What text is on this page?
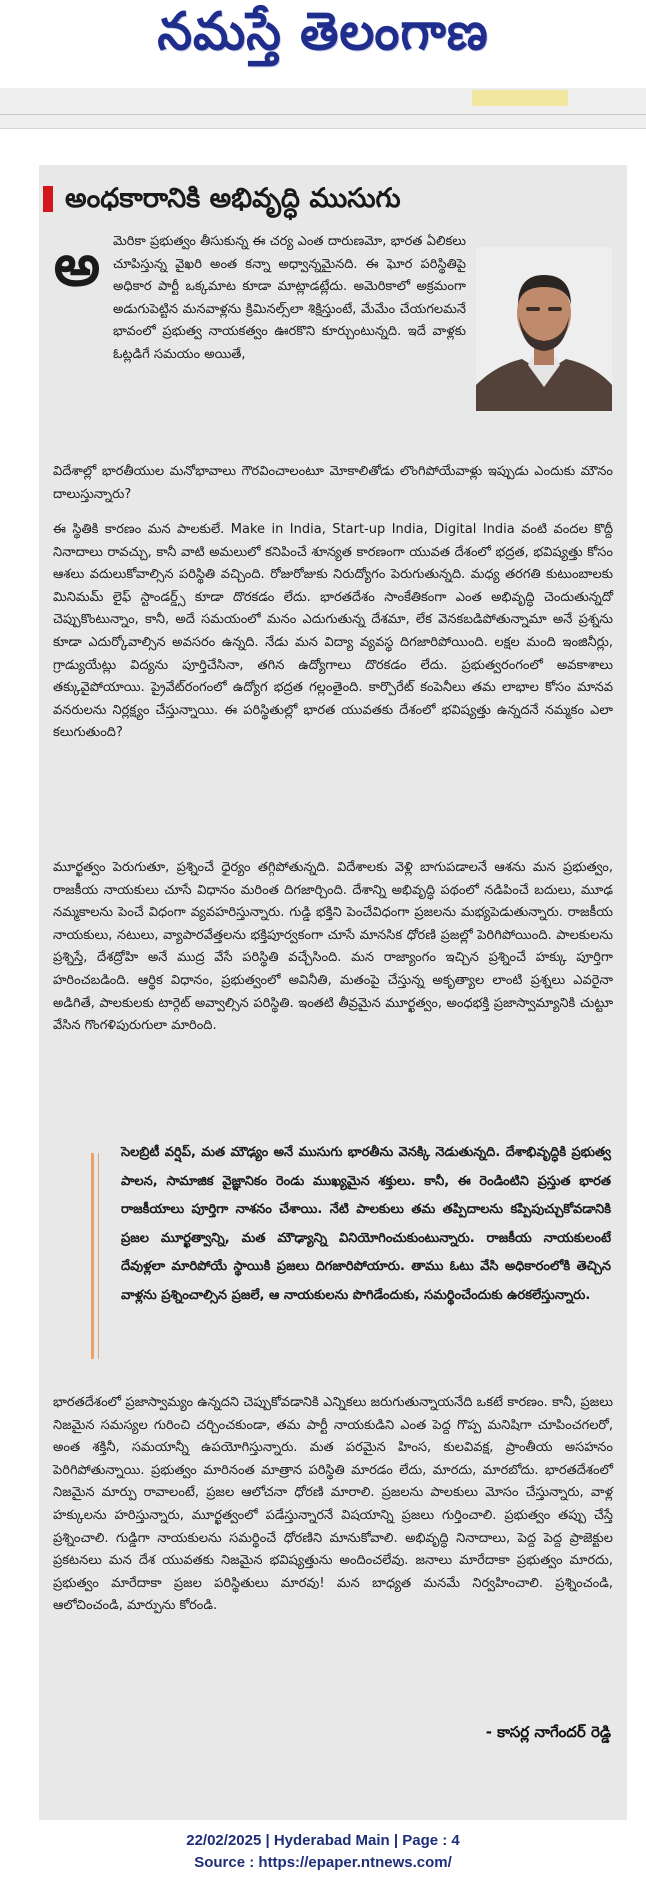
నమస్తే తెలంగాణ
అంధకారానికి అభివృద్ధి ముసుగు
అ మెరికా ప్రభుత్వం తీసుకున్న ఈ చర్య ఎంత దారుణమో, భారత ఏలికలు చూపిస్తున్న వైఖరి అంత కన్నా అధ్వాన్నమైనది. ఈ ఘోర పరిస్థితిపై అధికార పార్టీ ఒక్కమాట కూడా మాట్లాడట్లేదు. అమెరికాలో అక్రమంగా అడుగుపెట్టిన మనవాళ్లను క్రిమినల్స్‌లా శిక్షిస్తుంటే, మేమేం చేయగలమనే భావంలో ప్రభుత్వ నాయకత్వం ఊరకొని కూర్చుంటున్నది. ఇదే వాళ్లకు ఓట్లడిగే సమయం అయితే,
విదేశాల్లో భారతీయుల మనోభావాలు గౌరవించాలంటూ మోకాలితోడు లొంగిపోయేవాళ్లు ఇప్పుడు ఎందుకు మౌనం దాలుస్తున్నారు?
ఈ స్థితికి కారణం మన పాలకులే. Make in India, Start-up India, Digital India వంటి వందల కొద్దీ నినాదాలు రావచ్చు, కానీ వాటి అమలులో కనిపించే శూన్యత కారణంగా యువత దేశంలో భద్రత, భవిష్యత్తు కోసం ఆశలు వదులుకోవాల్సిన పరిస్థితి వచ్చింది. రోజురోజుకు నిరుద్యోగం పెరుగుతున్నది. మధ్య తరగతి కుటుంబాలకు మినిమమ్ లైఫ్ స్టాండర్డ్స్ కూడా దొరకడం లేదు. భారతదేశం సాంకేతికంగా ఎంత అభివృద్ధి చెందుతున్నదో చెప్పుకొంటున్నాం, కానీ, అదే సమయంలో మనం ఎదుగుతున్న దేశమా, లేక వెనకబడిపోతున్నామా అనే ప్రశ్నను కూడా ఎదుర్కోవాల్సిన అవసరం ఉన్నది. నేడు మన విద్యా వ్యవస్థ దిగజారిపోయింది. లక్షల మంది ఇంజినీర్లు, గ్రాడ్యుయేట్లు విద్యను పూర్తిచేసినా, తగిన ఉద్యోగాలు దొరకడం లేదు. ప్రభుత్వరంగంలో అవకాశాలు తక్కువైపోయాయి. ప్రైవేట్‌రంగంలో ఉద్యోగ భద్రత గల్లంతైంది. కార్పొరేట్ కంపెనీలు తమ లాభాల కోసం మానవ వనరులను నిర్లక్ష్యం చేస్తున్నాయి. ఈ పరిస్థితుల్లో భారత యువతకు దేశంలో భవిష్యత్తు ఉన్నదనే నమ్మకం ఎలా కలుగుతుంది?
మూర్ఖత్వం పెరుగుతూ, ప్రశ్నించే ధైర్యం తగ్గిపోతున్నది. విదేశాలకు వెళ్లి బాగుపడాలనే ఆశను మన ప్రభుత్వం, రాజకీయ నాయకులు చూసే విధానం మరింత దిగజార్చింది. దేశాన్ని అభివృద్ధి పథంలో నడిపించే బదులు, మూఢ నమ్మకాలను పెంచే విధంగా వ్యవహరిస్తున్నారు. గుడ్డి భక్తిని పెంచేవిధంగా ప్రజలను మభ్యపెడుతున్నారు. రాజకీయ నాయకులు, నటులు, వ్యాపారవేత్తలను భక్తిపూర్వకంగా చూసే మానసిక ధోరణి ప్రజల్లో పెరిగిపోయింది. పాలకులను ప్రశ్నిస్తే, దేశద్రోహి అనే ముద్ర వేసే పరిస్థితి వచ్చేసింది. మన రాజ్యాంగం ఇచ్చిన ప్రశ్నించే హక్కు పూర్తిగా హరించబడింది. ఆర్థిక విధానం, ప్రభుత్వంలో అవినీతి, మతంపై చేస్తున్న అకృత్యాల లాంటి ప్రశ్నలు ఎవరైనా అడిగితే, పాలకులకు టార్గెట్ అవ్వాల్సిన పరిస్థితి. ఇంతటి తీవ్రమైన మూర్ఖత్వం, అంధభక్తి ప్రజాస్వామ్యానికి చుట్టూ వేసిన గొంగళిపురుగులా మారింది.
సెలబ్రిటీ వర్షిప్, మత మౌఢ్యం అనే ముసుగు భారతీను వెనక్కి నెడుతున్నది. దేశాభివృద్ధికి ప్రభుత్వ పాలన, సామాజిక వైజ్ఞానికం రెండు ముఖ్యమైన శక్తులు. కానీ, ఈ రెండింటిని ప్రస్తుత భారత రాజకీయాలు పూర్తిగా నాశనం చేశాయి. నేటి పాలకులు తమ తప్పిదాలను కప్పిపుచ్చుకోవడానికి ప్రజల మూర్ఖత్వాన్ని, మత మౌఢ్యాన్ని వినియోగించుకుంటున్నారు. రాజకీయ నాయకులంటే దేవుళ్లలా మారిపోయే స్థాయికి ప్రజలు దిగజారిపోయారు. తాము ఓటు వేసి అధికారంలోకి తెచ్చిన వాళ్లను ప్రశ్నించాల్సిన ప్రజలే, ఆ నాయకులను పొగిడేందుకు, సమర్థించేందుకు ఉరకలేస్తున్నారు.
భారతదేశంలో ప్రజాస్వామ్యం ఉన్నదని చెప్పుకోవడానికి ఎన్నికలు జరుగుతున్నాయనేది ఒకటే కారణం. కానీ, ప్రజలు నిజమైన సమస్యల గురించి చర్చించకుండా, తమ పార్టీ నాయకుడిని ఎంత పెద్ద గొప్ప మనిషిగా చూపించగలరో, అంత శక్తినీ, సమయాన్నీ ఉపయోగిస్తున్నారు. మత పరమైన హింస, కులవివక్ష, ప్రాంతీయ అసహనం పెరిగిపోతున్నాయి. ప్రభుత్వం మారినంత మాత్రాన పరిస్థితి మారడం లేదు, మారదు, మారబోదు. భారతదేశంలో నిజమైన మార్పు రావాలంటే, ప్రజల ఆలోచనా ధోరణి మారాలి. ప్రజలను పాలకులు మోసం చేస్తున్నారు, వాళ్ల హక్కులను హరిస్తున్నారు, మూర్ఖత్వంలో పడేస్తున్నారనే విషయాన్ని ప్రజలు గుర్తించాలి. ప్రభుత్వం తప్పు చేస్తే ప్రశ్నించాలి. గుడ్డిగా నాయకులను సమర్థించే ధోరణిని మానుకోవాలి. అభివృద్ధి నినాదాలు, పెద్ద పెద్ద ప్రాజెక్టుల ప్రకటనలు మన దేశ యువతకు నిజమైన భవిష్యత్తును అందించలేవు. జనాలు మారేదాకా ప్రభుత్వం మారదు, ప్రభుత్వం మారేదాకా ప్రజల పరిస్థితులు మారవు! మన బాధ్యత మనమే నిర్వహించాలి. ప్రశ్నించండి, ఆలోచించండి, మార్పును కోరండి.
- కాసర్ల నాగేందర్ రెడ్డి
22/02/2025 | Hyderabad Main | Page : 4
Source : https://epaper.ntnews.com/
